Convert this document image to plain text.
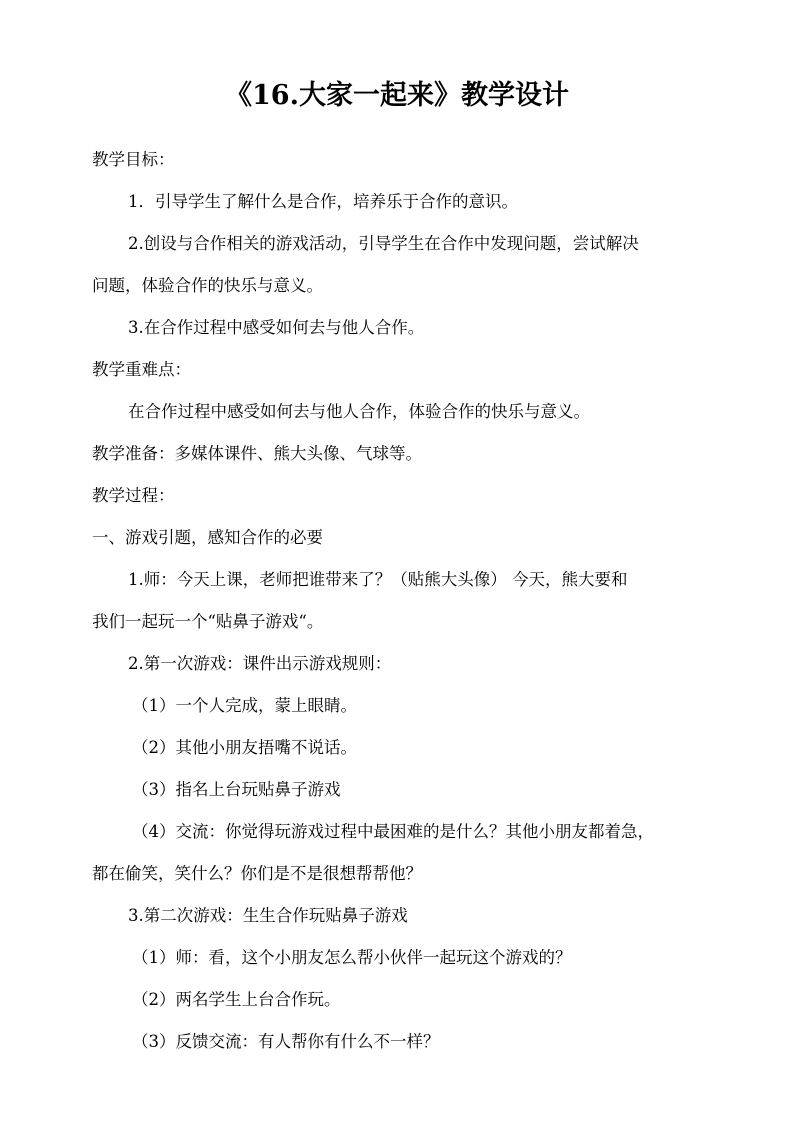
《16.大家一起来》教学设计
教学目标：
1．引导学生了解什么是合作，培养乐于合作的意识。
2.创设与合作相关的游戏活动，引导学生在合作中发现问题，尝试解决
问题，体验合作的快乐与意义。
3.在合作过程中感受如何去与他人合作。
教学重难点：
在合作过程中感受如何去与他人合作，体验合作的快乐与意义。
教学准备：多媒体课件、熊大头像、气球等。
教学过程：
一、游戏引题，感知合作的必要
1.师：今天上课，老师把谁带来了？（贴熊大头像） 今天，熊大要和
我们一起玩一个“贴鼻子游戏“。
2.第一次游戏：课件出示游戏规则：
（1）一个人完成，蒙上眼睛。
（2）其他小朋友捂嘴不说话。
（3）指名上台玩贴鼻子游戏
（4）交流：你觉得玩游戏过程中最困难的是什么？其他小朋友都着急，
都在偷笑，笑什么？你们是不是很想帮帮他？
3.第二次游戏：生生合作玩贴鼻子游戏
（1）师：看，这个小朋友怎么帮小伙伴一起玩这个游戏的？
（2）两名学生上台合作玩。
（3）反馈交流：有人帮你有什么不一样？
